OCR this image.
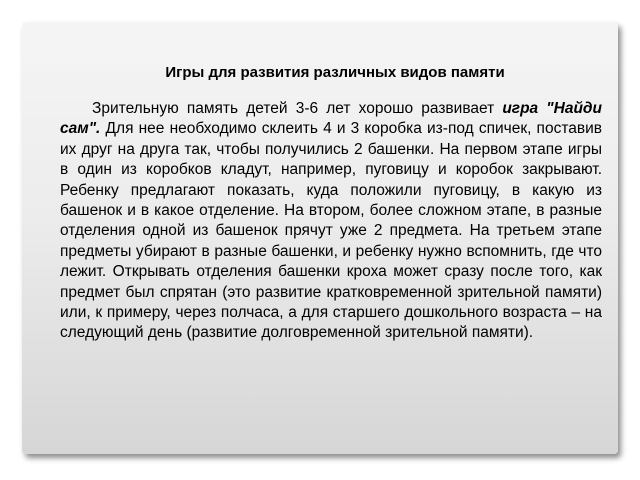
Игры для развития различных видов памяти

Зрительную память детей 3-6 лет хорошо развивает игра "Найди сам". Для нее необходимо склеить 4 и 3 коробка из-под спичек, поставив их друг на друга так, чтобы получились 2 башенки. На первом этапе игры в один из коробков кладут, например, пуговицу и коробок закрывают. Ребенку предлагают показать, куда положили пуговицу, в какую из башенок и в какое отделение. На втором, более сложном этапе, в разные отделения одной из башенок прячут уже 2 предмета. На третьем этапе предметы убирают в разные башенки, и ребенку нужно вспомнить, где что лежит. Открывать отделения башенки кроха может сразу после того, как предмет был спрятан (это развитие кратковременной зрительной памяти) или, к примеру, через полчаса, а для старшего дошкольного возраста – на следующий день (развитие долговременной зрительной памяти).
